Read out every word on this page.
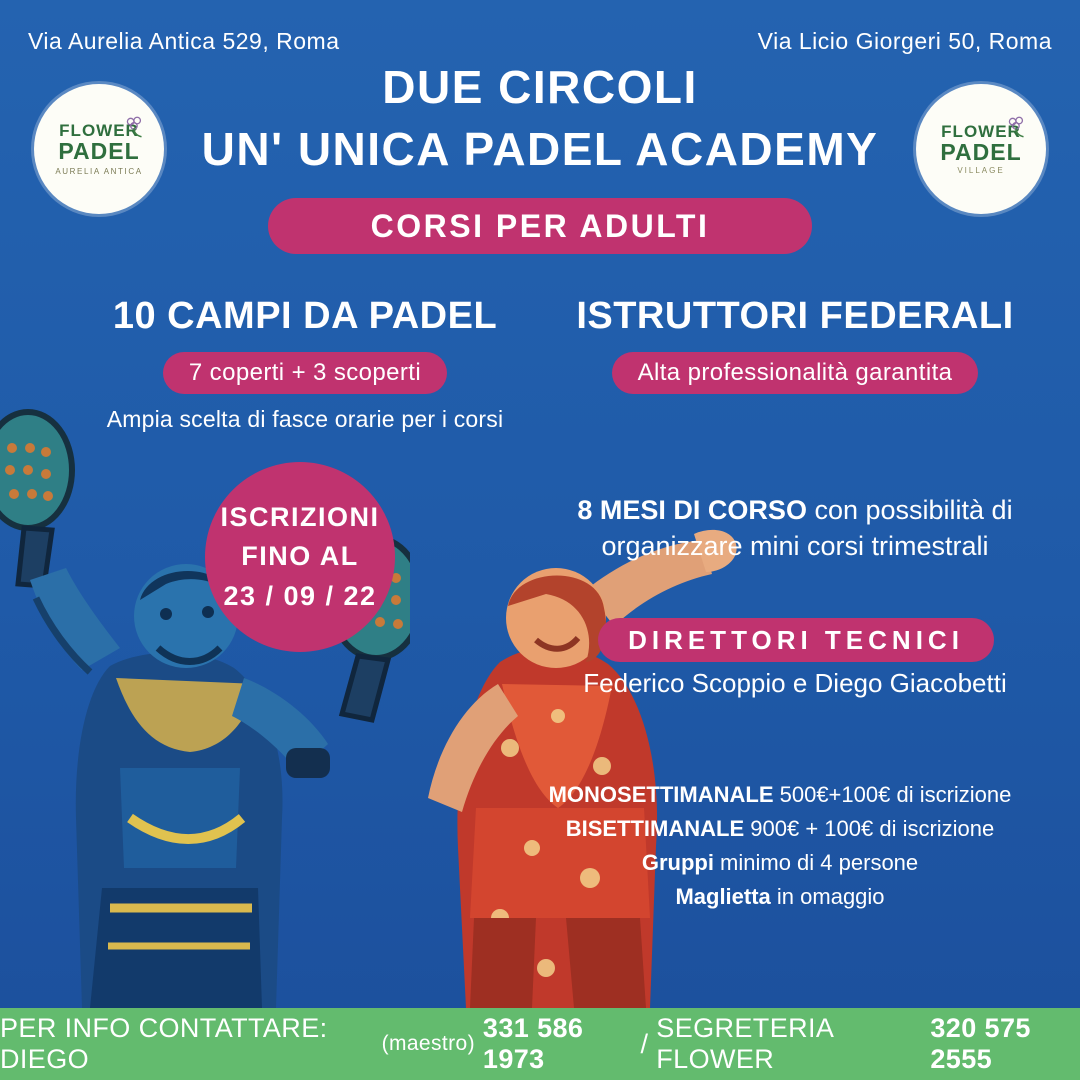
Via Aurelia Antica 529, Roma	Via Licio Giorgeri 50, Roma
DUE CIRCOLI
UN' UNICA PADEL ACADEMY
CORSI PER ADULTI
FLOWER
PADEL
AURELIA ANTICA
FLOWER
PADEL
VILLAGE
10 CAMPI DA PADEL
7 coperti + 3 scoperti
Ampia scelta di fasce orarie per i corsi
ISTRUTTORI FEDERALI
Alta professionalità garantita
ISCRIZIONI
FINO AL
23 / 09 / 22
8 MESI DI CORSO con possibilità di organizzare mini corsi trimestrali
DIRETTORI TECNICI
Federico Scoppio e Diego Giacobetti
MONOSETTIMANALE 500€+100€ di iscrizione
BISETTIMANALE 900€ + 100€ di iscrizione
Gruppi minimo di 4 persone
Maglietta in omaggio
PER INFO CONTATTARE: DIEGO

(maestro)

331 586 1973

/

SEGRETERIA FLOWER

320 575 2555
